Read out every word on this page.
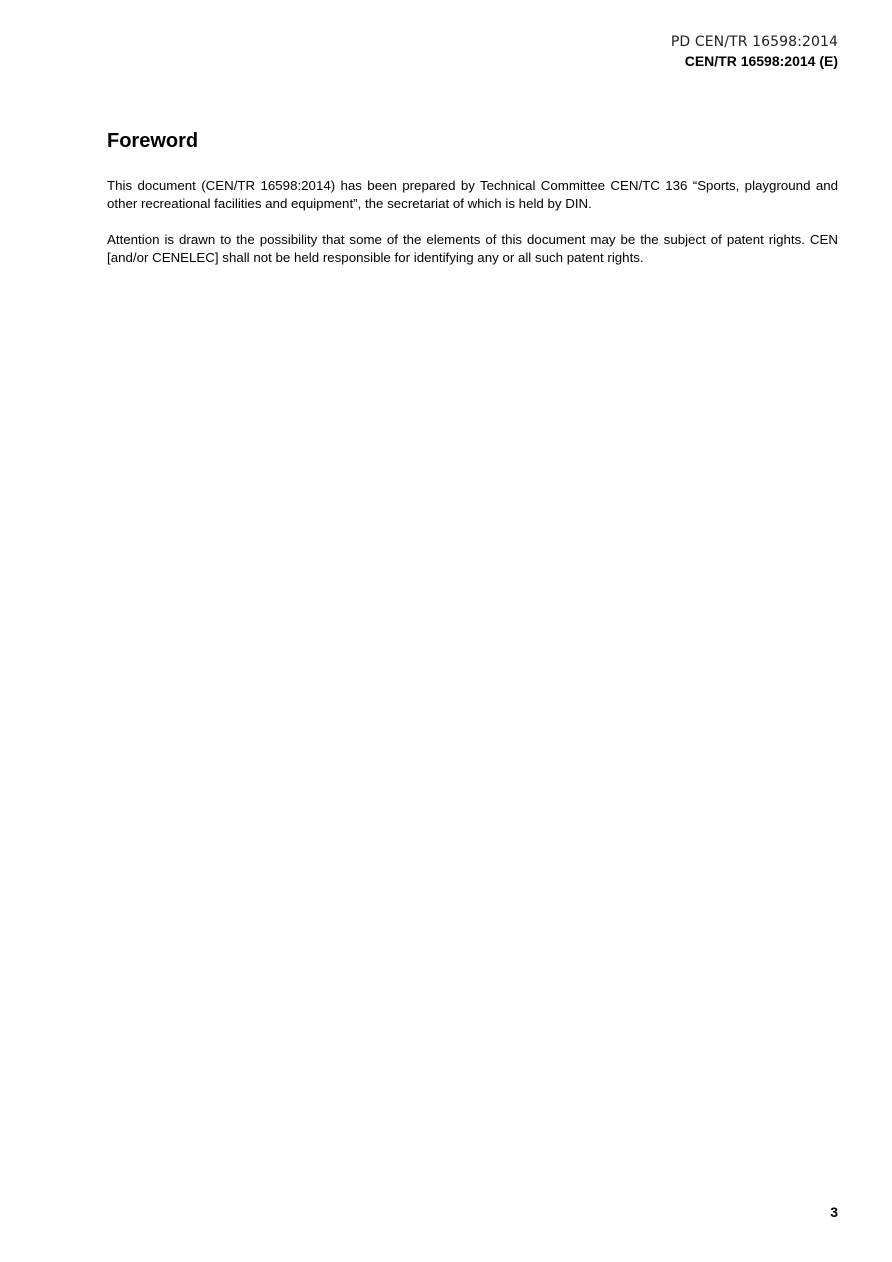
PD CEN/TR 16598:2014
CEN/TR 16598:2014 (E)
Foreword

This document (CEN/TR 16598:2014) has been prepared by Technical Committee CEN/TC 136 “Sports, playground and other recreational facilities and equipment”, the secretariat of which is held by DIN.

Attention is drawn to the possibility that some of the elements of this document may be the subject of patent rights. CEN [and/or CENELEC] shall not be held responsible for identifying any or all such patent rights.

3
